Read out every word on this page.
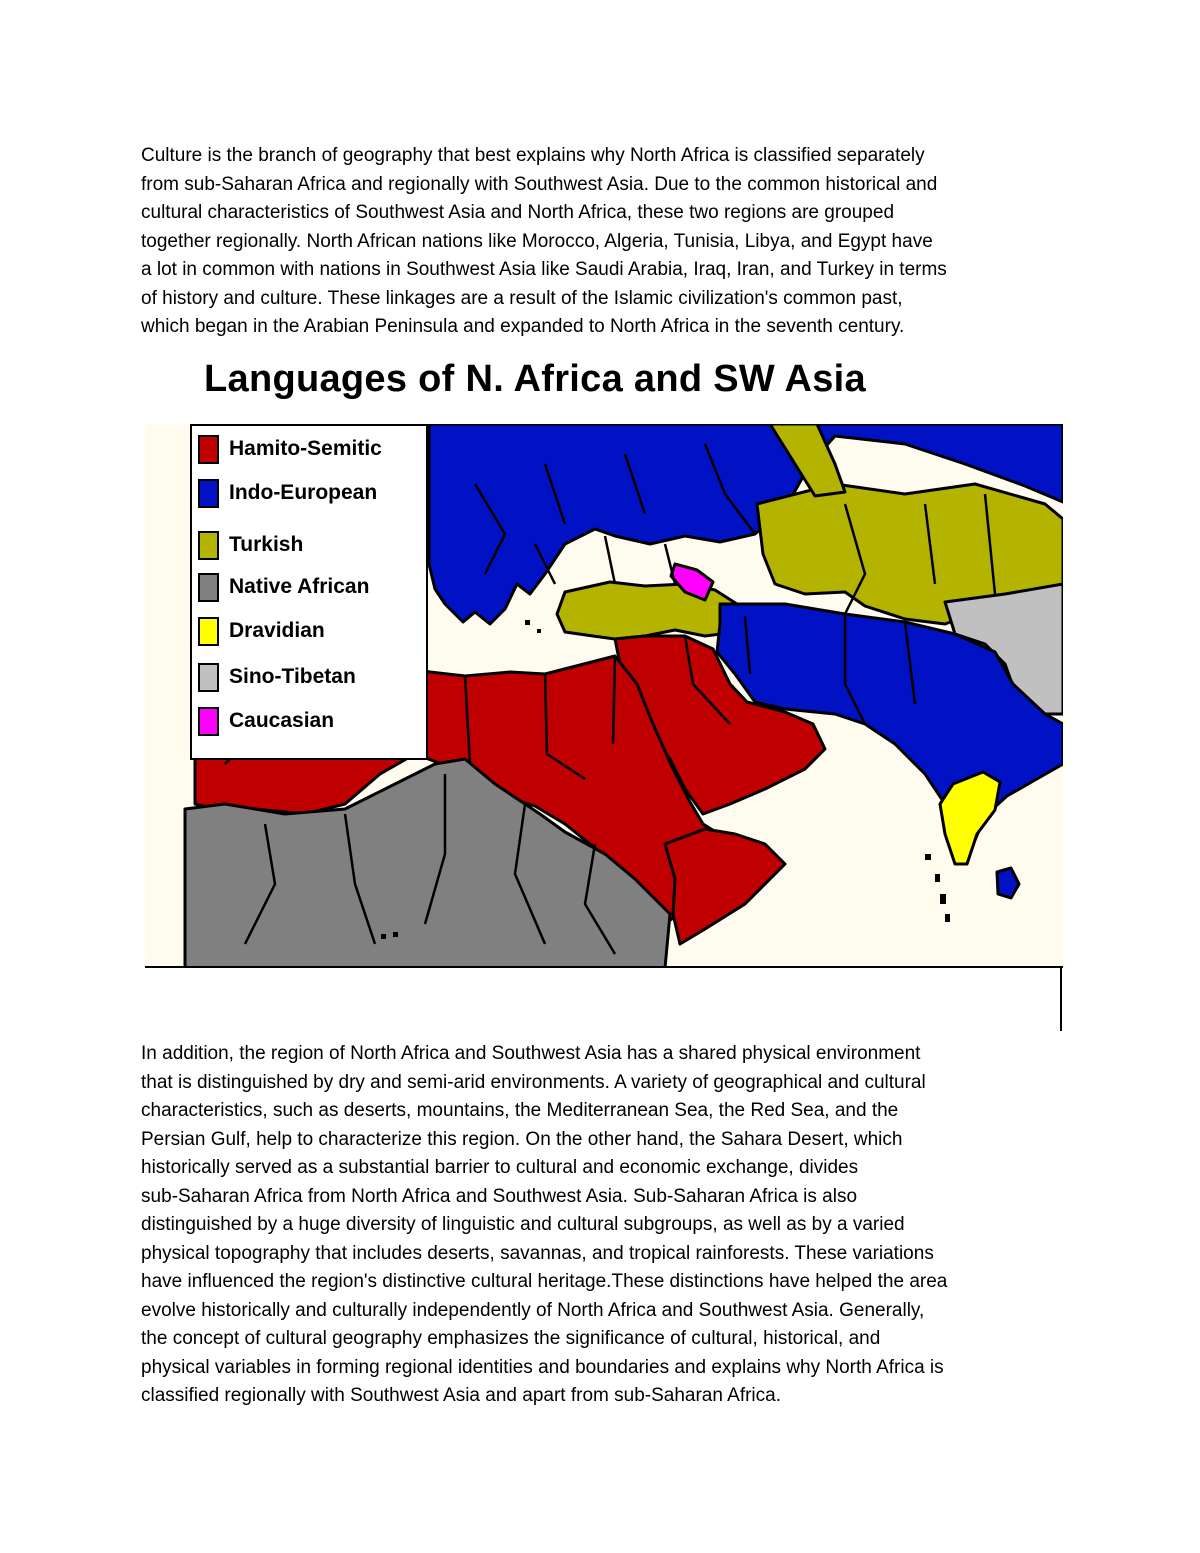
Culture is the branch of geography that best explains why North Africa is classified separately
from sub-Saharan Africa and regionally with Southwest Asia. Due to the common historical and
cultural characteristics of Southwest Asia and North Africa, these two regions are grouped
together regionally. North African nations like Morocco, Algeria, Tunisia, Libya, and Egypt have
a lot in common with nations in Southwest Asia like Saudi Arabia, Iraq, Iran, and Turkey in terms
of history and culture. These linkages are a result of the Islamic civilization's common past,
which began in the Arabian Peninsula and expanded to North Africa in the seventh century.
Languages of N. Africa and SW Asia
Hamito-Semitic
Indo-European
Turkish
Native African
Dravidian
Sino-Tibetan
Caucasian
In addition, the region of North Africa and Southwest Asia has a shared physical environment
that is distinguished by dry and semi-arid environments. A variety of geographical and cultural
characteristics, such as deserts, mountains, the Mediterranean Sea, the Red Sea, and the
Persian Gulf, help to characterize this region. On the other hand, the Sahara Desert, which
historically served as a substantial barrier to cultural and economic exchange, divides
sub-Saharan Africa from North Africa and Southwest Asia. Sub-Saharan Africa is also
distinguished by a huge diversity of linguistic and cultural subgroups, as well as by a varied
physical topography that includes deserts, savannas, and tropical rainforests. These variations
have influenced the region's distinctive cultural heritage.These distinctions have helped the area
evolve historically and culturally independently of North Africa and Southwest Asia. Generally,
the concept of cultural geography emphasizes the significance of cultural, historical, and
physical variables in forming regional identities and boundaries and explains why North Africa is
classified regionally with Southwest Asia and apart from sub-Saharan Africa.
